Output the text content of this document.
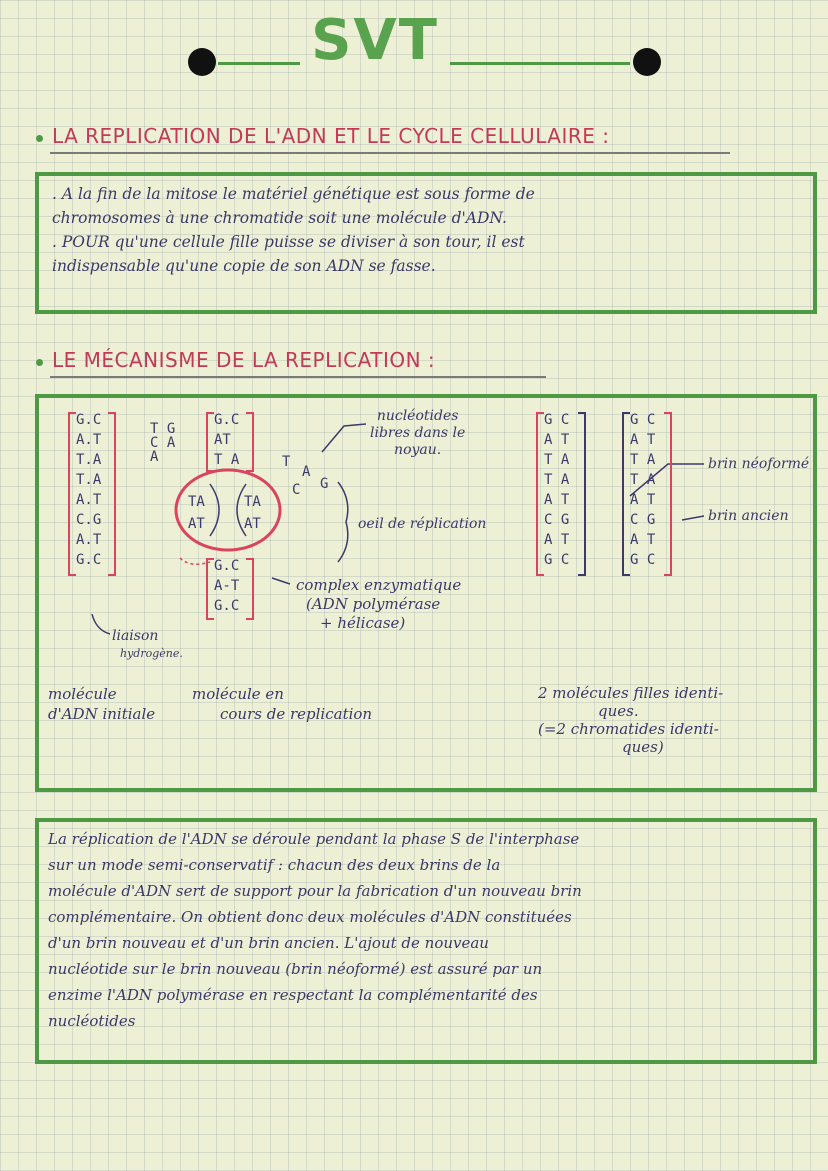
SVT
LA REPLICATION DE L'ADN ET LE CYCLE CELLULAIRE :
. A la fin de la mitose le matériel génétique est sous forme de
chromosomes à une chromatide soit une molécule d'ADN.
. POUR qu'une cellule fille puisse se diviser à son tour, il est
indispensable qu'une copie de son ADN se fasse.
LE MÉCANISME DE LA REPLICATION :
G.C
A.T
T.A
T.A
A.T
C.G
A.T
G.C
T G
C A
A
G.C
AT
T A
TA	TA
AT	AT
G.C
A-T
G.C
T
A
C G
nucléotides
libres dans le
noyau.
oeil de réplication
complex enzymatique
(ADN polymérase
+ hélicase)
liaison
hydrogène.
molécule
d'ADN initiale
molécule en
cours de replication
G C
A T
T A
T A
A T
C G
A T
G C
G C
A T
T A
T A
A T
C G
A T
G C
brin néoformé
brin ancien
2 molécules filles identi-
ques.
(=2 chromatides identi-
ques)
La réplication de l'ADN se déroule pendant la phase S de l'interphase
sur un mode semi-conservatif : chacun des deux brins de la
molécule d'ADN sert de support pour la fabrication d'un nouveau brin
complémentaire. On obtient donc deux molécules d'ADN constituées
d'un brin nouveau et d'un brin ancien. L'ajout de nouveau
nucléotide sur le brin nouveau (brin néoformé) est assuré par un
enzime l'ADN polymérase en respectant la complémentarité des
nucléotides
